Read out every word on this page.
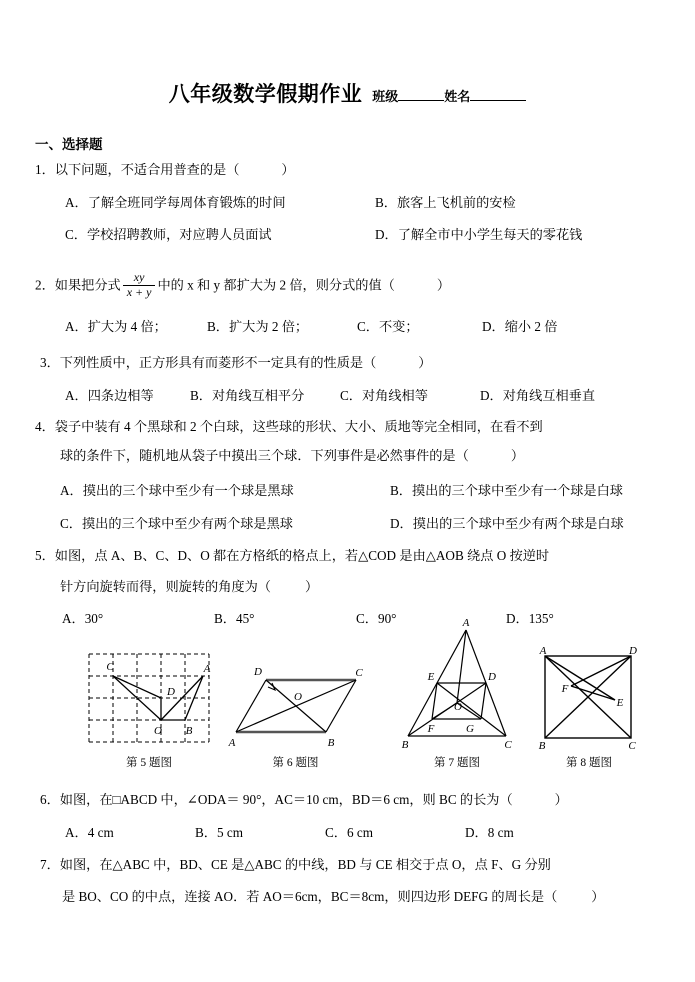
八年级数学假期作业 班级	姓名
一、选择题
1．以下问题，不适合用普查的是（	）
A．了解全班同学每周体育锻炼的时间	B．旅客上飞机前的安检
C．学校招聘教师，对应聘人员面试	D．了解全市中小学生每天的零花钱
2．如果把分式 $\frac{xy}{x + y}$ 中的 x 和 y 都扩大为 2 倍，则分式的值（	）
A．扩大为 4 倍；	B．扩大为 2 倍；	C．不变；	D．缩小 2 倍
3．下列性质中，正方形具有而菱形不一定具有的性质是（	）
A．四条边相等	B．对角线互相平分	C．对角线相等	D．对角线互相垂直
4．袋子中装有 4 个黑球和 2 个白球，这些球的形状、大小、质地等完全相同，在看不到
球的条件下，随机地从袋子中摸出三个球．下列事件是必然事件的是（	）
A．摸出的三个球中至少有一个球是黑球	B．摸出的三个球中至少有一个球是白球
C．摸出的三个球中至少有两个球是黑球	D．摸出的三个球中至少有两个球是白球
5．如图，点 A、B、C、D、O 都在方格纸的格点上，若△COD 是由△AOB 绕点 O 按逆时
针方向旋转而得，则旋转的角度为（	）
A．30°	B．45°	C．90°	D．135°
C	A
D
O B
第 5 题图
D	C
O
A	B
第 6 题图
A
E	D
O
F	G
B	C
第 7 题图
A	D
F
E
B	C
第 8 题图
6．如图，在□ABCD 中，∠ODA＝ 90°，AC＝10 cm，BD＝6 cm，则 BC 的长为（	）
A．4 cm	B．5 cm	C．6 cm	D．8 cm
7．如图，在△ABC 中，BD、CE 是△ABC 的中线，BD 与 CE 相交于点 O，点 F、G 分别
是 BO、CO 的中点，连接 AO．若 AO＝6cm，BC＝8cm，则四边形 DEFG 的周长是（	）
